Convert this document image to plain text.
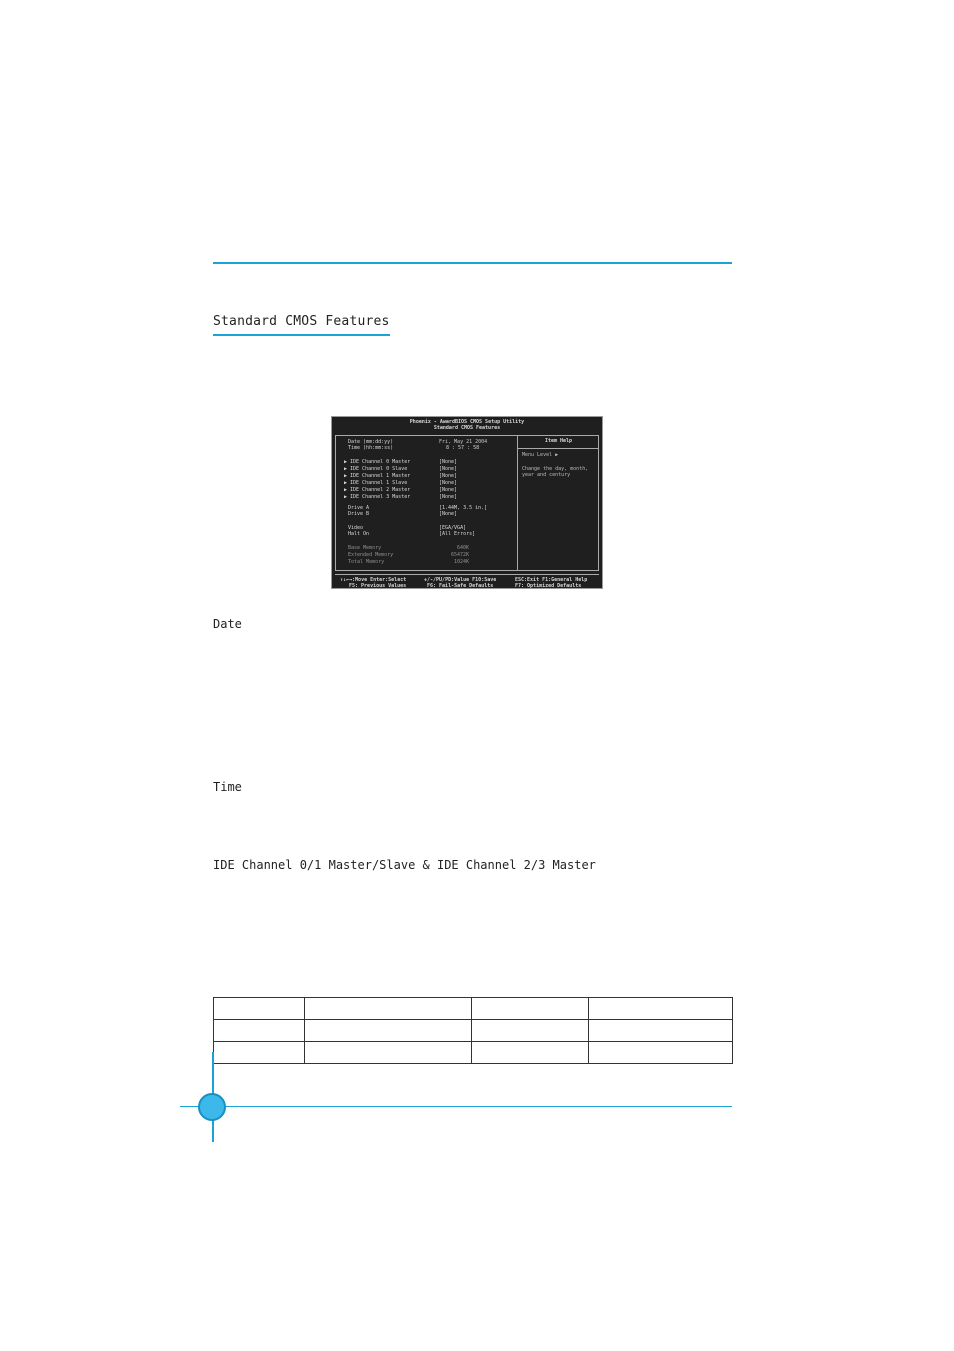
Standard CMOS Features
Phoenix - AwardBIOS CMOS Setup Utility
Standard CMOS Features
Item Help
Menu Level ▶
Change the day, month, year and century
Date (mm:dd:yy)	Fri, May 21 2004
Time (hh:mm:ss)	8 : 57 : 58
▶ IDE Channel 0 Master	[None]
▶ IDE Channel 0 Slave	[None]
▶ IDE Channel 1 Master	[None]
▶ IDE Channel 1 Slave	[None]
▶ IDE Channel 2 Master	[None]
▶ IDE Channel 3 Master	[None]
Drive A	[1.44M, 3.5 in.]
Drive B	[None]
Video	[EGA/VGA]
Halt On	[All Errors]
Base Memory	640K
Extended Memory	65472K
Total Memory	1024K
↑↓←→:Move Enter:Select	+/-/PU/PD:Value F10:Save	ESC:Exit F1:General Help
F5: Previous Values	F6: Fail-Safe Defaults	F7: Optimized Defaults
Date
Time
IDE Channel 0/1 Master/Slave & IDE Channel 2/3 Master
